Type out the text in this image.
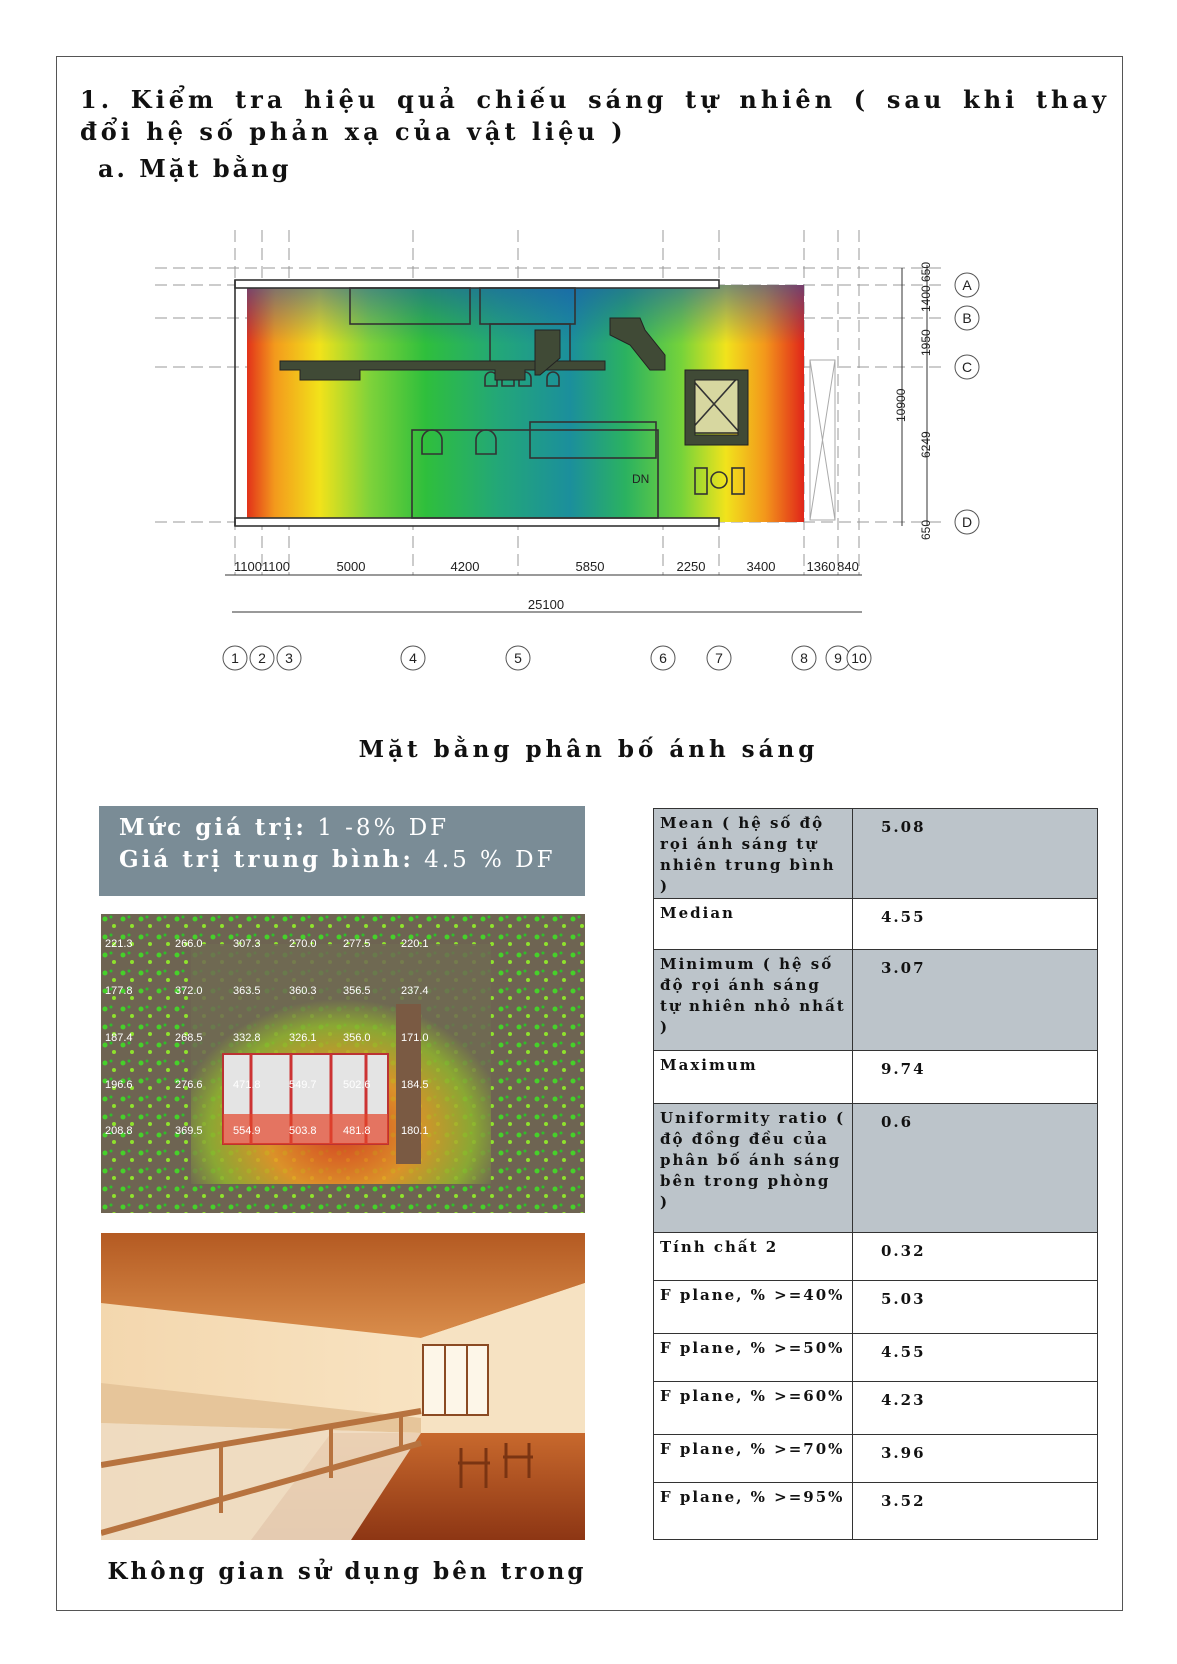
1. Kiểm tra hiệu quả chiếu sáng tự nhiên ( sau khi thay đổi hệ số phản xạ của vật liệu )
a. Mặt bằng
DN
650
1400
1950
6249
650
10900
A
B
C
D
1100 1100	5000	4200	5850	2250	3400 1360 840
25100
1 2 3	4	5	6	7	8 9 10
Mặt bằng phân bố ánh sáng
Mức giá trị: 1 -8% DF
Giá trị trung bình: 4.5 % DF
221.3	266.0	307.3	270.0 277.5	220.1
177.8	372.0	363.5	360.3 356.5	237.4
187.4	268.5	332.8	326.1 356.0	171.0
196.6	276.6	471.8	549.7 502.6	184.5
208.8	369.5	554.9	503.8 481.8	180.1
Không gian sử dụng bên trong
Mean ( hệ số độ rọi ánh sáng tự nhiên trung bình )	5.08
Median	4.55
Minimum ( hệ số độ rọi ánh sáng tự nhiên nhỏ nhất )	3.07
Maximum	9.74
Uniformity ratio ( độ đồng đều của phân bố ánh sáng bên trong phòng )	0.6
Tính chất 2	0.32
F plane, % >=40%	5.03
F plane, % >=50%	4.55
F plane, % >=60%	4.23
F plane, % >=70%	3.96
F plane, % >=95%	3.52
